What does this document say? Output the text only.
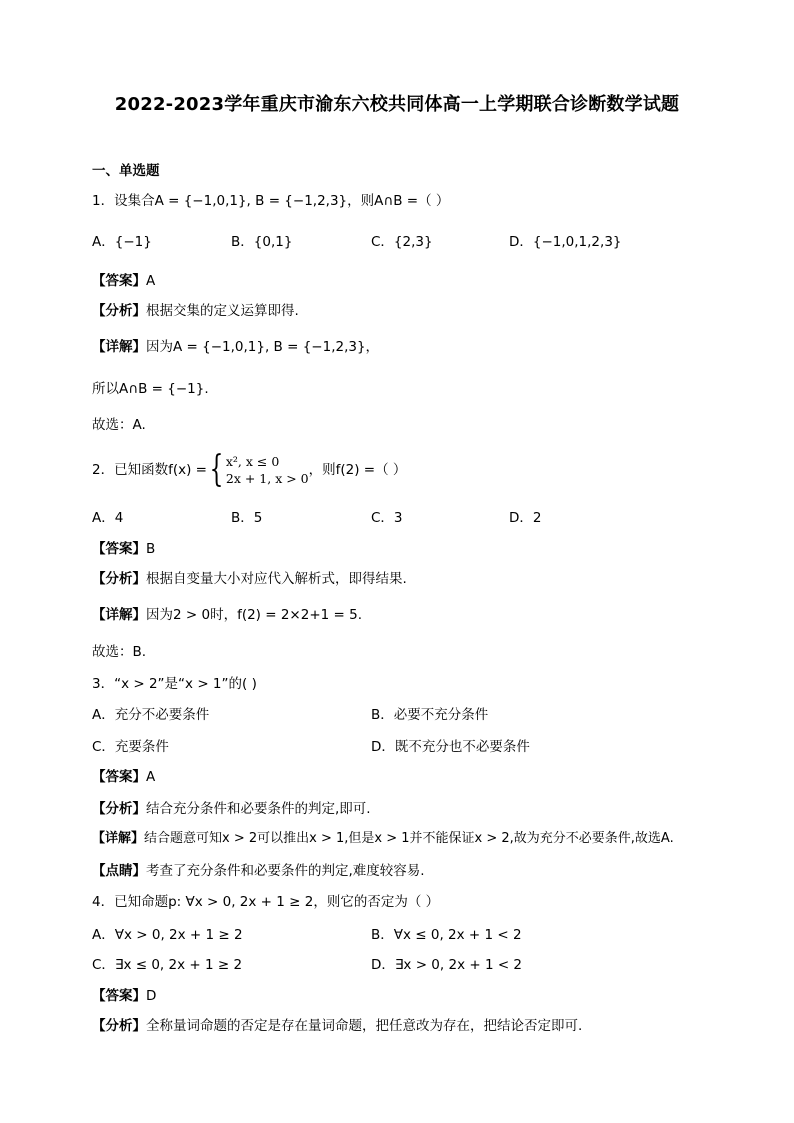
2022-2023学年重庆市渝东六校共同体高一上学期联合诊断数学试题
一、单选题
1．设集合A = {−1,0,1}, B = {−1,2,3}，则A∩B =（ ）
A．{−1}	B．{0,1}	C．{2,3}	D．{−1,0,1,2,3}
【答案】A
【分析】根据交集的定义运算即得.
【详解】因为A = {−1,0,1}, B = {−1,2,3}，
所以A∩B = {−1}.
故选：A.
2．已知函数f(x) ={ x², x ≤ 0
2x + 1, x > 0
，则f(2) =（ ）
A．4	B．5	C．3	D．2
【答案】B
【分析】根据自变量大小对应代入解析式，即得结果.
【详解】因为2 > 0时，f(2) = 2×2+1 = 5.
故选：B.
3．“x > 2”是“x > 1”的( )
A．充分不必要条件	B．必要不充分条件
C．充要条件	D．既不充分也不必要条件
【答案】A
【分析】结合充分条件和必要条件的判定,即可.
【详解】结合题意可知x > 2可以推出x > 1,但是x > 1并不能保证x > 2,故为充分不必要条件,故选A.
【点睛】考查了充分条件和必要条件的判定,难度较容易.
4．已知命题p: ∀x > 0, 2x + 1 ≥ 2，则它的否定为（ ）
A．∀x > 0, 2x + 1 ≥ 2	B．∀x ≤ 0, 2x + 1 < 2
C．∃x ≤ 0, 2x + 1 ≥ 2	D．∃x > 0, 2x + 1 < 2
【答案】D
【分析】全称量词命题的否定是存在量词命题，把任意改为存在，把结论否定即可.
